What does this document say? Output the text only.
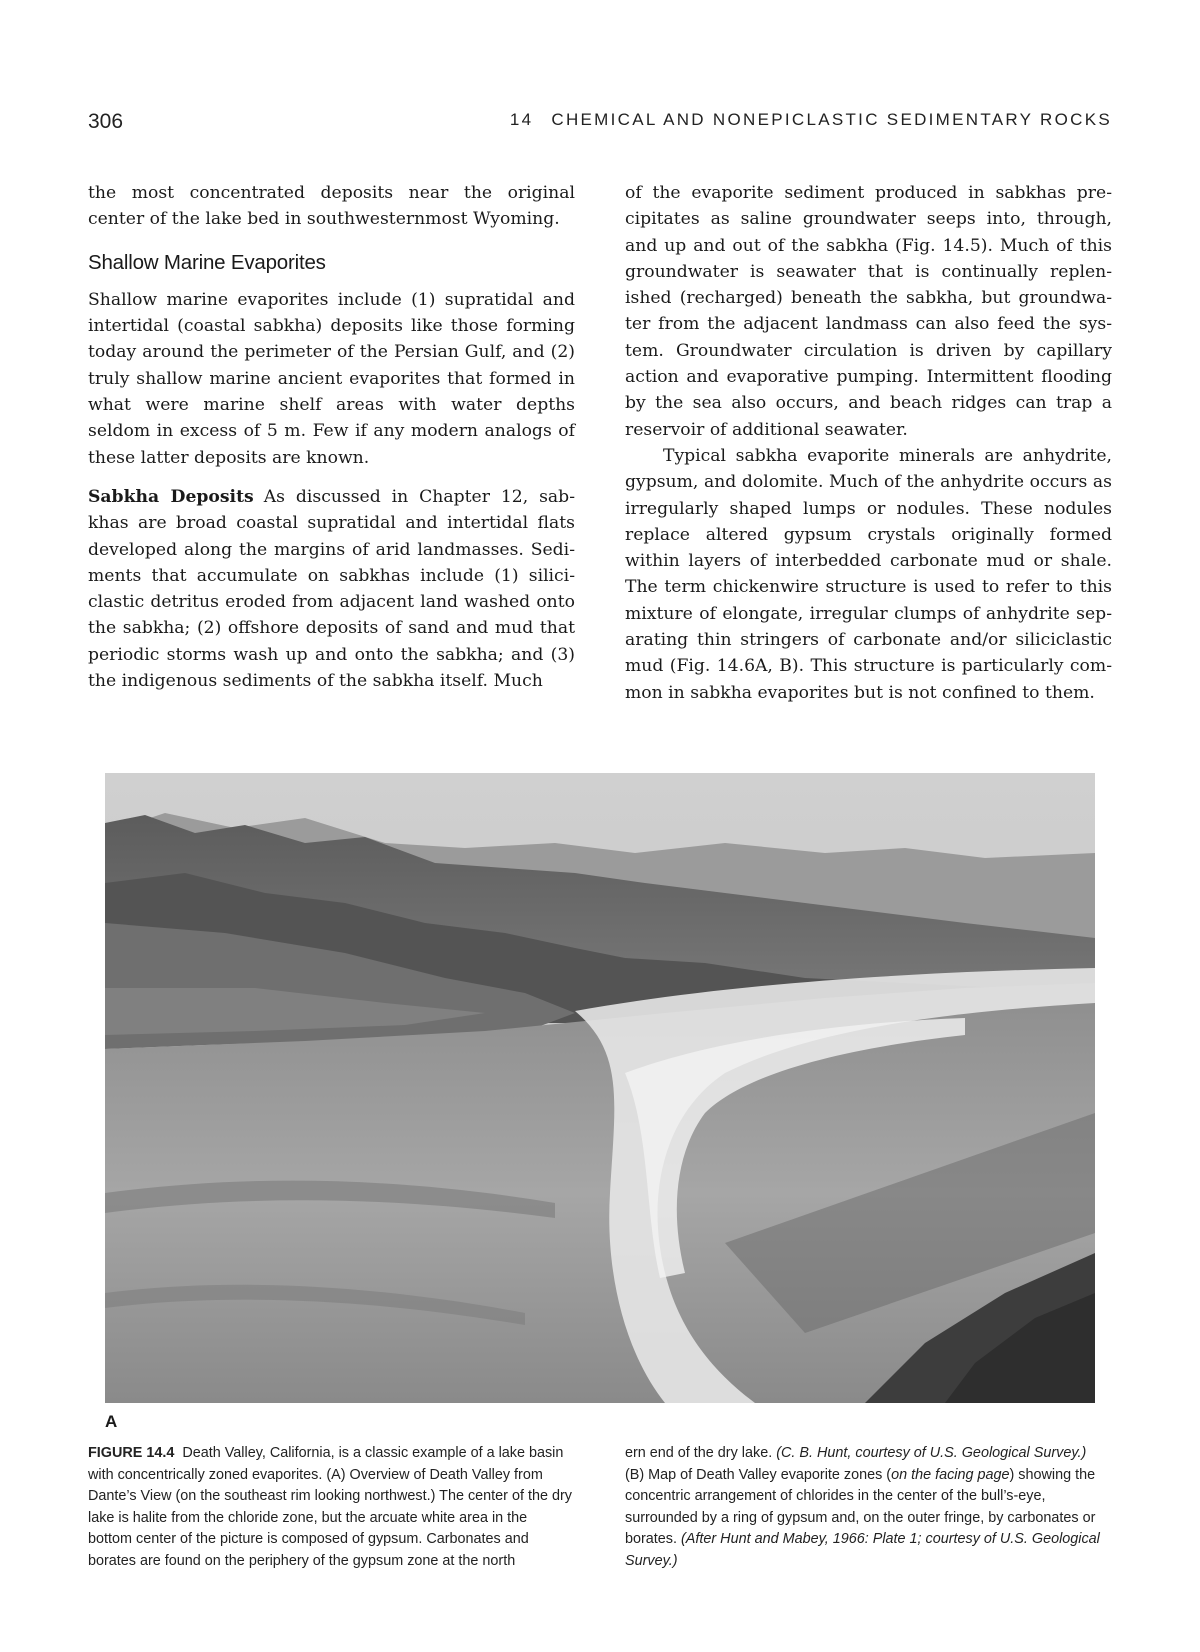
306	14 CHEMICAL AND NONEPICLASTIC SEDIMENTARY ROCKS

the most concentrated deposits near the original center of the lake bed in southwesternmost Wyoming.

Shallow Marine Evaporites

Shallow marine evaporites include (1) supratidal and intertidal (coastal sabkha) deposits like those forming today around the perimeter of the Persian Gulf, and (2) truly shallow marine ancient evaporites that formed in what were marine shelf areas with water depths seldom in excess of 5 m. Few if any modern analogs of these latter deposits are known.

Sabkha Deposits As discussed in Chapter 12, sabkhas are broad coastal supratidal and intertidal ﬂats developed along the margins of arid landmasses. Sediments that accumulate on sabkhas include (1) siliciclastic detritus eroded from adjacent land washed onto the sabkha; (2) offshore deposits of sand and mud that periodic storms wash up and onto the sabkha; and (3) the indigenous sediments of the sabkha itself. Much

of the evaporite sediment produced in sabkhas precipitates as saline groundwater seeps into, through, and up and out of the sabkha (Fig. 14.5). Much of this groundwater is seawater that is continually replenished (recharged) beneath the sabkha, but groundwater from the adjacent landmass can also feed the system. Groundwater circulation is driven by capillary action and evaporative pumping. Intermittent ﬂooding by the sea also occurs, and beach ridges can trap a reservoir of additional seawater.

Typical sabkha evaporite minerals are anhydrite, gypsum, and dolomite. Much of the anhydrite occurs as irregularly shaped lumps or nodules. These nodules replace altered gypsum crystals originally formed within layers of interbedded carbonate mud or shale. The term chickenwire structure is used to refer to this mixture of elongate, irregular clumps of anhydrite separating thin stringers of carbonate and/or siliciclastic mud (Fig. 14.6A, B). This structure is particularly common in sabkha evaporites but is not confined to them.

A
FIGURE 14.4 Death Valley, California, is a classic example of a lake basin with concentrically zoned evaporites. (A) Overview of Death Valley from Dante’s View (on the southeast rim looking northwest.) The center of the dry lake is halite from the chloride zone, but the arcuate white area in the bottom center of the picture is composed of gypsum. Carbonates and borates are found on the periphery of the gypsum zone at the north
ern end of the dry lake. (C. B. Hunt, courtesy of U.S. Geological Survey.)
(B) Map of Death Valley evaporite zones (on the facing page) showing the concentric arrangement of chlorides in the center of the bull’s-eye, surrounded by a ring of gypsum and, on the outer fringe, by carbonates or borates. (After Hunt and Mabey, 1966: Plate 1; courtesy of U.S. Geological Survey.)
